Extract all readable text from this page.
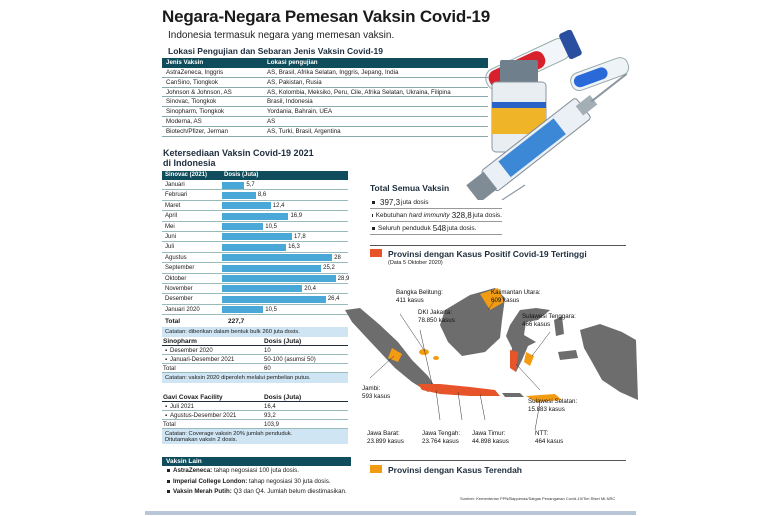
Negara-Negara Pemesan Vaksin Covid-19
Indonesia termasuk negara yang memesan vaksin.
Lokasi Pengujian dan Sebaran Jenis Vaksin Covid-19
Jenis Vaksin	Lokasi pengujian
AstraZeneca, Inggris	AS, Brasil, Afrika Selatan, Inggris, Jepang, India
CanSino, Tiongkok	AS, Pakistan, Rusia
Johnson & Johnson, AS	AS, Kolombia, Meksiko, Peru, Cile, Afrika Selatan, Ukraina, Filipina
Sinovac, Tiongkok	Brasil, Indonesia
Sinopharm, Tiongkok	Yordania, Bahrain, UEA
Moderna, AS	AS
Biotech/Pfizer, Jerman	AS, Turki, Brasil, Argentina
Ketersediaan Vaksin Covid-19 2021
di Indonesia
Sinovac (2021)	Dosis (Juta)
Januari	5,7
Februari	8,6
Maret	12,4
April	16,9
Mei	10,5
Juni	17,8
Juli	16,3
Agustus	28
September	25,2
Oktober	28,9
November	20,4
Desember	26,4
Januari 2020	10,5
Total	227,7
Catatan: diberikan dalam bentuk bulk 260 juta dosis.
Sinopharm	Dosis (Juta)
▪ Desember 2020	10
▪ Januari-Desember 2021	50-100 (asumsi 50)
Total	60
Catatan: vaksin 2020 diperoleh melalui pembelian putus.
Gavi Covax Facility	Dosis (Juta)
▪ Juli 2021	16,4
▪ Agustus-Desember 2021	93,2
Total	103,9
Catatan: Coverage vaksin 20% jumlah penduduk.
Ditutamakan vaksin 2 dosis.
Vaksin Lain
AstraZeneca: tahap negosiasi 100 juta dosis.
Imperial College London: tahap negosiasi 30 juta dosis.
Vaksin Merah Putih: Q3 dan Q4. Jumlah belum diestimasikan.
Total Semua Vaksin
397,3 juta dosis
Kebutuhan
hard immunity 328,8 juta dosis.
Seluruh penduduk 548 juta dosis.
Provinsi dengan Kasus Positif Covid-19 Tertinggi
(Data 5 Oktober 2020)
Bangka Belitung:
411 kasus
DKI Jakarta:
78.850 kasus
Kalimantan Utara:
609 kasus
Sulawesi Tenggara:
466 kasus
Jambi:
593 kasus
Sulawesi Selatan:
15.883 kasus
Jawa Barat:
23.899 kasus
Jawa Tengah:
23.764 kasus
Jawa Timur:
44.898 kasus
NTT:
464 kasus
Provinsi dengan Kasus Terendah
Sumber: Kementerian PPN/Bappenas/Satgas Penanganan Covid-19/Tim Riset MI-NRC
